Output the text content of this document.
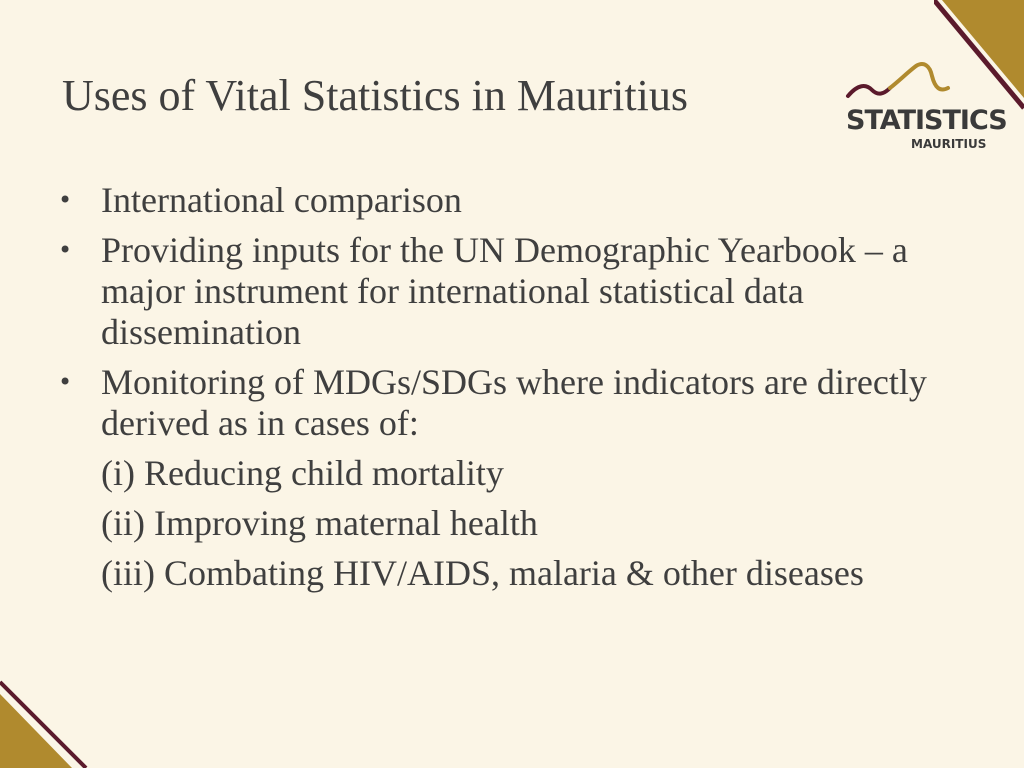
Uses of Vital Statistics in Mauritius
STATISTICS
MAURITIUS
• International comparison
• Providing inputs for the UN Demographic Yearbook – a major instrument for international statistical data dissemination
• Monitoring of MDGs/SDGs where indicators are directly derived as in cases of:
(i) Reducing child mortality
(ii) Improving maternal health
(iii) Combating HIV/AIDS, malaria & other diseases
